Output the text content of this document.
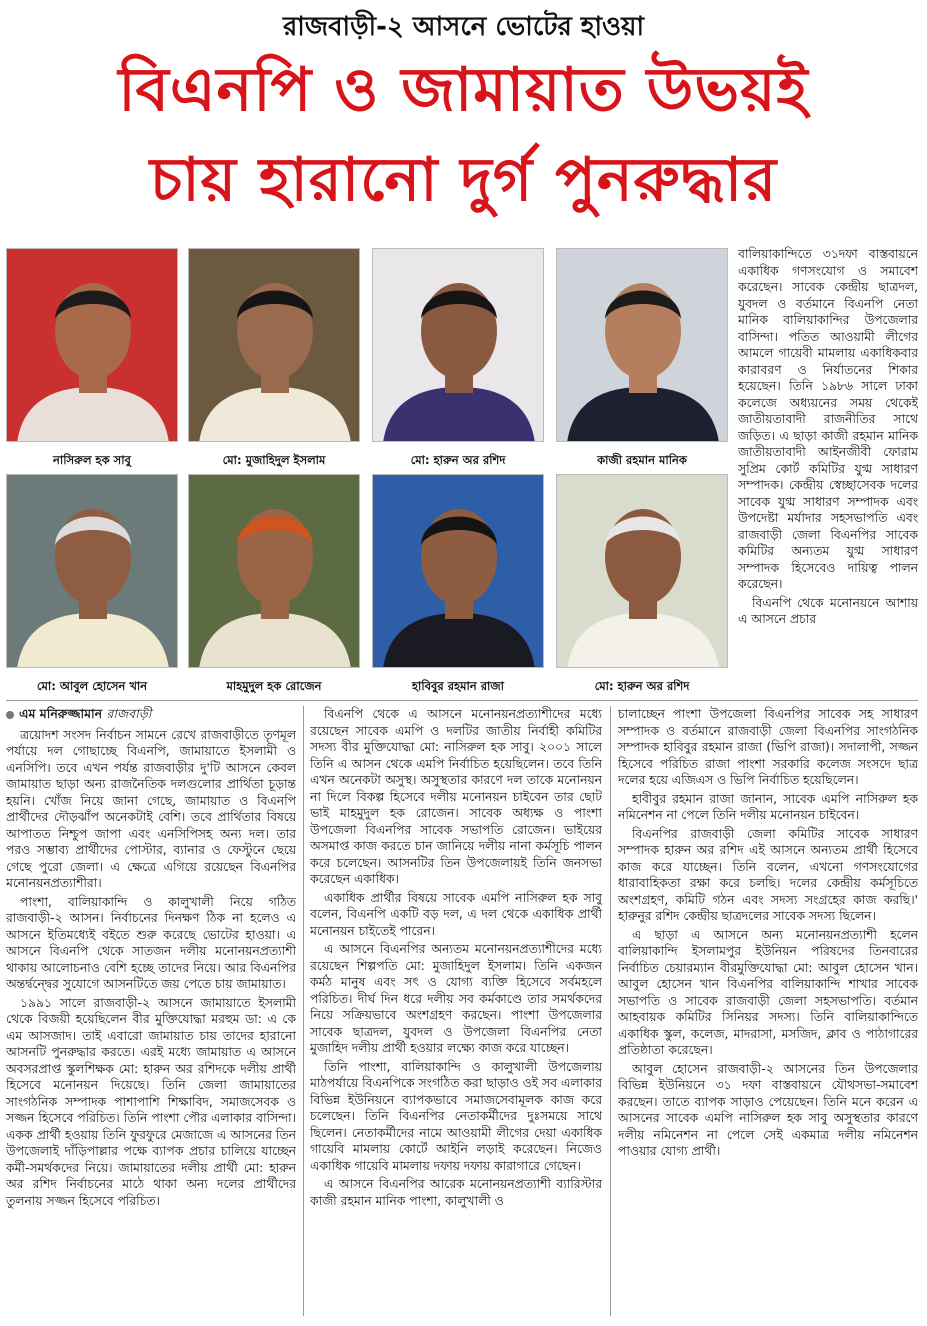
রাজবাড়ী-২ আসনে ভোটের হাওয়া
বিএনপি ও জামায়াত উভয়ই
চায় হারানো দুর্গ পুনরুদ্ধার
নাসিরুল হক সাবু	মো: মুজাহিদুল ইসলাম	মো: হারুন অর রশিদ	কাজী রহমান মানিক
মো: আবুল হোসেন খান	মাহমুদুল হক রোজেন	হাবিবুর রহমান রাজা	মো: হারুন অর রশিদ

বালিয়াকান্দিতে ৩১দফা বাস্তবায়নে একাধিক গণসংযোগ ও সমাবেশ করেছেন। সাবেক কেন্দ্রীয় ছাত্রদল, যুবদল ও বর্তমানে বিএনপি নেতা মানিক বালিয়াকান্দির উপজেলার বাসিন্দা। পতিত আওয়ামী লীগের আমলে গায়েবী মামলায় একাধিকবার কারাবরণ ও নির্যাতনের শিকার হয়েছেন। তিনি ১৯৮৬ সালে ঢাকা কলেজে অধ্যয়নের সময় থেকেই জাতীয়তাবাদী রাজনীতির সাথে জড়িত। এ ছাড়া কাজী রহমান মানিক জাতীয়তাবাদী আইনজীবী ফোরাম সুপ্রিম কোর্ট কমিটির যুগ্ম সাধারণ সম্পাদক। কেন্দ্রীয় স্বেচ্ছাসেবক দলের সাবেক যুগ্ম সাধারণ সম্পাদক এবং উপদেষ্টা মর্যাদার সহসভাপতি এবং রাজবাড়ী জেলা বিএনপির সাবেক কমিটির অন্যতম যুগ্ম সাধারণ সম্পাদক হিসেবেও দায়িত্ব পালন করেছেন।

বিএনপি থেকে মনোনয়নে আশায় এ আসনে প্রচার

এম মনিরুজ্জামান রাজবাড়ী

ত্রয়োদশ সংসদ নির্বাচন সামনে রেখে রাজবাড়ীতে তৃণমূল পর্যায়ে দল গোছাচ্ছে বিএনপি, জামায়াতে ইসলামী ও এনসিপি। তবে এখন পর্যন্ত রাজবাড়ীর দু'টি আসনে কেবল জামায়াত ছাড়া অন্য রাজনৈতিক দলগুলোর প্রার্থিতা চূড়ান্ত হয়নি। খোঁজ নিয়ে জানা গেছে, জামায়াত ও বিএনপি প্রার্থীদের দৌড়ঝাঁপ অনেকটাই বেশি। তবে প্রার্থিতার বিষয়ে আপাতত নিশ্চুপ জাপা এবং এনসিপিসহ অন্য দল। তার পরও সম্ভাব্য প্রার্থীদের পোস্টার, ব্যানার ও ফেস্টুনে ছেয়ে গেছে পুরো জেলা। এ ক্ষেত্রে এগিয়ে রয়েছেন বিএনপির মনোনয়নপ্রত্যাশীরা।

পাংশা, বালিয়াকান্দি ও কালুখালী নিয়ে গঠিত রাজবাড়ী-২ আসন। নির্বাচনের দিনক্ষণ ঠিক না হলেও এ আসনে ইতিমধ্যেই বইতে শুরু করেছে ভোটের হাওয়া। এ আসনে বিএনপি থেকে সাতজন দলীয় মনোনয়নপ্রত্যাশী থাকায় আলোচনাও বেশি হচ্ছে তাদের নিয়ে। আর বিএনপির অন্তর্দ্বন্দ্বের সুযোগে আসনটিতে জয় পেতে চায় জামায়াত।

১৯৯১ সালে রাজবাড়ী-২ আসনে জামায়াতে ইসলামী থেকে বিজয়ী হয়েছিলেন বীর মুক্তিযোদ্ধা মরহুম ডা: এ কে এম আসজাদ। তাই এবারো জামায়াত চায় তাদের হারানো আসনটি পুনরুদ্ধার করতে। এরই মধ্যে জামায়াত এ আসনে অবসরপ্রাপ্ত স্কুলশিক্ষক মো: হারুন অর রশিদকে দলীয় প্রার্থী হিসেবে মনোনয়ন দিয়েছে। তিনি জেলা জামায়াতের সাংগঠনিক সম্পাদক পাশাপাশি শিক্ষাবিদ, সমাজসেবক ও সজ্জন হিসেবে পরিচিত। তিনি পাংশা পৌর এলাকার বাসিন্দা। একক প্রার্থী হওয়ায় তিনি ফুরফুরে মেজাজে এ আসনের তিন উপজেলাই দাঁড়িপাল্লার পক্ষে ব্যাপক প্রচার চালিয়ে যাচ্ছেন কর্মী-সমর্থকদের নিয়ে। জামায়াতের দলীয় প্রার্থী মো: হারুন অর রশিদ নির্বাচনের মাঠে থাকা অন্য দলের প্রার্থীদের তুলনায় সজ্জন হিসেবে পরিচিত।

বিএনপি থেকে এ আসনে মনোনয়নপ্রত্যাশীদের মধ্যে রয়েছেন সাবেক এমপি ও দলটির জাতীয় নির্বাহী কমিটির সদস্য বীর মুক্তিযোদ্ধা মো: নাসিরুল হক সাবু। ২০০১ সালে তিনি এ আসন থেকে এমপি নির্বাচিত হয়েছিলেন। তবে তিনি এখন অনেকটা অসুস্থ। অসুস্থতার কারণে দল তাকে মনোনয়ন না দিলে বিকল্প হিসেবে দলীয় মনোনয়ন চাইবেন তার ছোট ভাই মাহমুদুল হক রোজেন। সাবেক অধ্যক্ষ ও পাংশা উপজেলা বিএনপির সাবেক সভাপতি রোজেন। ভাইয়ের অসমাপ্ত কাজ করতে চান জানিয়ে দলীয় নানা কর্মসূচি পালন করে চলেছেন। আসনটির তিন উপজেলায়ই তিনি জনসভা করেছেন একাধিক।

একাধিক প্রার্থীর বিষয়ে সাবেক এমপি নাসিরুল হক সাবু বলেন, বিএনপি একটি বড় দল, এ দল থেকে একাধিক প্রার্থী মনোনয়ন চাইতেই পারেন।

এ আসনে বিএনপির অন্যতম মনোনয়নপ্রত্যাশীদের মধ্যে রয়েছেন শিল্পপতি মো: মুজাহিদুল ইসলাম। তিনি একজন কর্মঠ মানুষ এবং সৎ ও যোগ্য ব্যক্তি হিসেবে সর্বমহলে পরিচিত। দীর্ঘ দিন ধরে দলীয় সব কর্মকাণ্ডে তার সমর্থকদের নিয়ে সক্রিয়ভাবে অংশগ্রহণ করছেন। পাংশা উপজেলার সাবেক ছাত্রদল, যুবদল ও উপজেলা বিএনপির নেতা মুজাহিদ দলীয় প্রার্থী হওয়ার লক্ষ্যে কাজ করে যাচ্ছেন।

তিনি পাংশা, বালিয়াকান্দি ও কালুখালী উপজেলায় মাঠপর্যায়ে বিএনপিকে সংগঠিত করা ছাড়াও ওই সব এলাকার বিভিন্ন ইউনিয়নে ব্যাপকভাবে সমাজসেবামূলক কাজ করে চলেছেন। তিনি বিএনপির নেতাকর্মীদের দুঃসময়ে সাথে ছিলেন। নেতাকর্মীদের নামে আওয়ামী লীগের দেয়া একাধিক গায়েবি মামলায় কোর্টে আইনি লড়াই করেছেন। নিজেও একাধিক গায়েবি মামলায় দফায় দফায় কারাগারে গেছেন।

এ আসনে বিএনপির আরেক মনোনয়নপ্রত্যাশী ব্যারিস্টার কাজী রহমান মানিক পাংশা, কালুখালী ও

চালাচ্ছেন পাংশা উপজেলা বিএনপির সাবেক সহ সাধারণ সম্পাদক ও বর্তমানে রাজবাড়ী জেলা বিএনপির সাংগঠনিক সম্পাদক হাবিবুর রহমান রাজা (ভিপি রাজা)। সদালাপী, সজ্জন হিসেবে পরিচিত রাজা পাংশা সরকারি কলেজ সংসদে ছাত্র দলের হয়ে এজিএস ও ভিপি নির্বাচিত হয়েছিলেন।

হাবীবুর রহমান রাজা জানান, সাবেক এমপি নাসিরুল হক নমিনেশন না পেলে তিনি দলীয় মনোনয়ন চাইবেন।

বিএনপির রাজবাড়ী জেলা কমিটির সাবেক সাধারণ সম্পাদক হারুন অর রশিদ এই আসনে অন্যতম প্রার্থী হিসেবে কাজ করে যাচ্ছেন। তিনি বলেন, এখনো গণসংযোগের ধারাবাহিকতা রক্ষা করে চলছি। দলের কেন্দ্রীয় কর্মসূচিতে অংশগ্রহণ, কমিটি গঠন এবং সদস্য সংগ্রহের কাজ করছি।' হারুনুর রশিদ কেন্দ্রীয় ছাত্রদলের সাবেক সদস্য ছিলেন।

এ ছাড়া এ আসনে অন্য মনোনয়নপ্রত্যাশী হলেন বালিয়াকান্দি ইসলামপুর ইউনিয়ন পরিষদের তিনবারের নির্বাচিত চেয়ারম্যান বীরমুক্তিযোদ্ধা মো: আবুল হোসেন খান। আবুল হোসেন খান বিএনপির বালিয়াকান্দি শাখার সাবেক সভাপতি ও সাবেক রাজবাড়ী জেলা সহসভাপতি। বর্তমান আহবায়ক কমিটির সিনিয়র সদস্য। তিনি বালিয়াকান্দিতে একাধিক স্কুল, কলেজ, মাদরাসা, মসজিদ, ক্লাব ও পাঠাগারের প্রতিষ্ঠাতা করেছেন।

আবুল হোসেন রাজবাড়ী-২ আসনের তিন উপজেলার বিভিন্ন ইউনিয়নে ৩১ দফা বাস্তবায়নে যৌথসভা-সমাবেশ করছেন। তাতে ব্যাপক সাড়াও পেয়েছেন। তিনি মনে করেন এ আসনের সাবেক এমপি নাসিরুল হক সাবু অসুস্থতার কারণে দলীয় নমিনেশন না পেলে সেই একমাত্র দলীয় নমিনেশন পাওয়ার যোগ্য প্রার্থী।
